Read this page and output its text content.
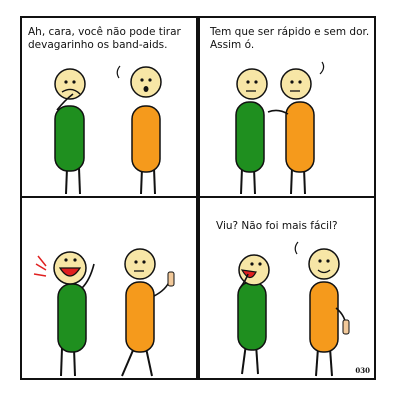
Ah, cara, você não pode tirar devagarinho os band-aids.
Tem que ser rápido e sem dor. Assim ó.
Viu? Não foi mais fácil?
030
